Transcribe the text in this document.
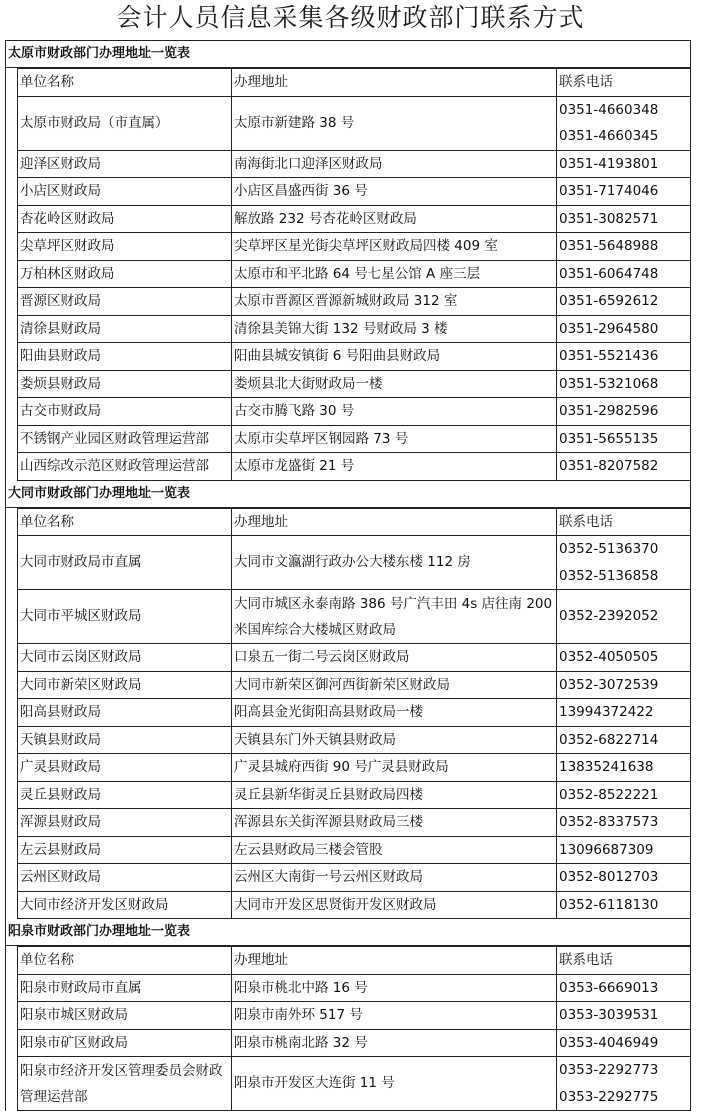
会计人员信息采集各级财政部门联系方式
太原市财政部门办理地址一览表
单位名称	办理地址	联系电话
太原市财政局（市直属）	太原市新建路 38 号	0351-4660348
0351-4660345

迎泽区财政局	南海街北口迎泽区财政局	0351-4193801

小店区财政局	小店区昌盛西街 36 号	0351-7174046

杏花岭区财政局	解放路 232 号杏花岭区财政局	0351-3082571

尖草坪区财政局	尖草坪区星光街尖草坪区财政局四楼 409 室	0351-5648988

万柏林区财政局	太原市和平北路 64 号七星公馆 A 座三层	0351-6064748

晋源区财政局	太原市晋源区晋源新城财政局 312 室	0351-6592612

清徐县财政局	清徐县美锦大街 132 号财政局 3 楼	0351-2964580

阳曲县财政局	阳曲县城安镇街 6 号阳曲县财政局	0351-5521436

娄烦县财政局	娄烦县北大街财政局一楼	0351-5321068

古交市财政局	古交市腾飞路 30 号	0351-2982596

不锈钢产业园区财政管理运营部	太原市尖草坪区钢园路 73 号	0351-5655135

山西综改示范区财政管理运营部	太原市龙盛街 21 号	0351-8207582
大同市财政部门办理地址一览表
单位名称	办理地址	联系电话
大同市财政局市直属	大同市文瀛湖行政办公大楼东楼 112 房	0352-5136370
0352-5136858

大同市平城区财政局	大同市城区永泰南路 386 号广汽丰田 4s 店往南 200 米国库综合大楼城区财政局	0352-2392052

大同市云岗区财政局	口泉五一街二号云岗区财政局	0352-4050505

大同市新荣区财政局	大同市新荣区御河西街新荣区财政局	0352-3072539

阳高县财政局	阳高县金光街阳高县财政局一楼	13994372422

天镇县财政局	天镇县东门外天镇县财政局	0352-6822714

广灵县财政局	广灵县城府西街 90 号广灵县财政局	13835241638

灵丘县财政局	灵丘县新华街灵丘县财政局四楼	0352-8522221

浑源县财政局	浑源县东关街浑源县财政局三楼	0352-8337573

左云县财政局	左云县财政局三楼会管股	13096687309

云州区财政局	云州区大南街一号云州区财政局	0352-8012703

大同市经济开发区财政局	大同市开发区思贤街开发区财政局	0352-6118130
阳泉市财政部门办理地址一览表
单位名称	办理地址	联系电话
阳泉市财政局市直属	阳泉市桃北中路 16 号	0353-6669013

阳泉市城区财政局	阳泉市南外环 517 号	0353-3039531

阳泉市矿区财政局	阳泉市桃南北路 32 号	0353-4046949

阳泉市经济开发区管理委员会财政管理运营部	阳泉市开发区大连街 11 号	0353-2292773
0353-2292775
